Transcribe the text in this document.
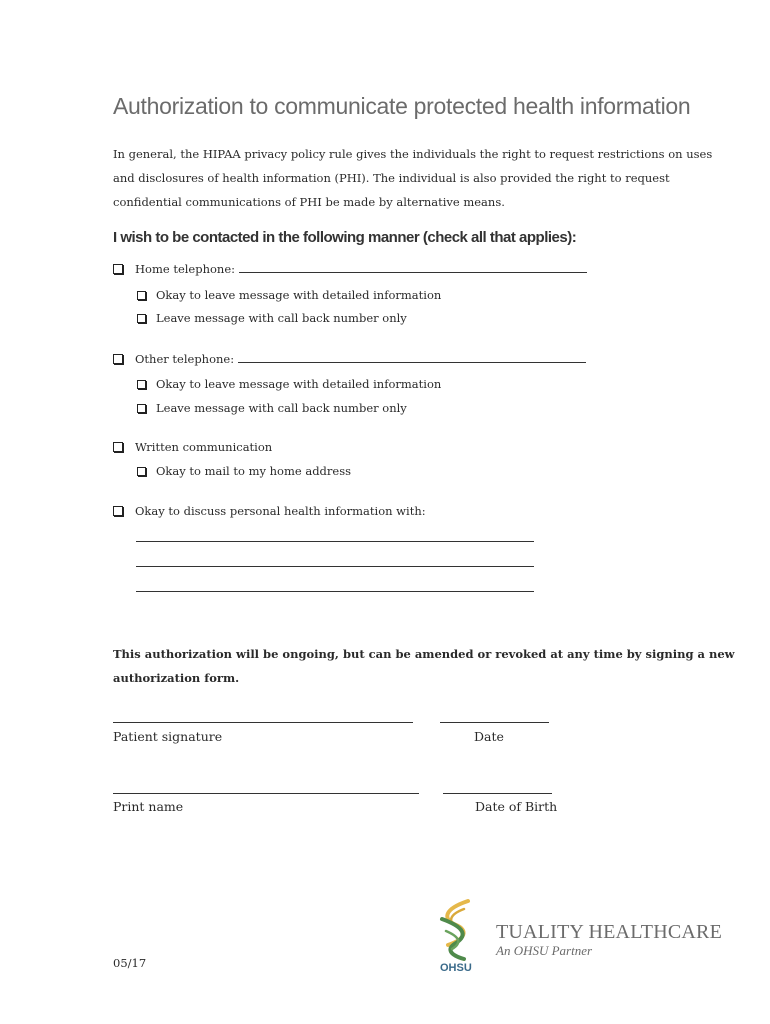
Authorization to communicate protected health information
In general, the HIPAA privacy policy rule gives the individuals the right to request restrictions on uses
and disclosures of health information (PHI). The individual is also provided the right to request
confidential communications of PHI be made by alternative means.
I wish to be contacted in the following manner (check all that applies):
Home telephone:
Okay to leave message with detailed information
Leave message with call back number only
Other telephone:
Okay to leave message with detailed information
Leave message with call back number only
Written communication
Okay to mail to my home address
Okay to discuss personal health information with:
This authorization will be ongoing, but can be amended or revoked at any time by signing a new
authorization form.
Patient signature	Date
Print name	Date of Birth
05/17	OHSU
TUALITY HEALTHCARE
An OHSU Partner
